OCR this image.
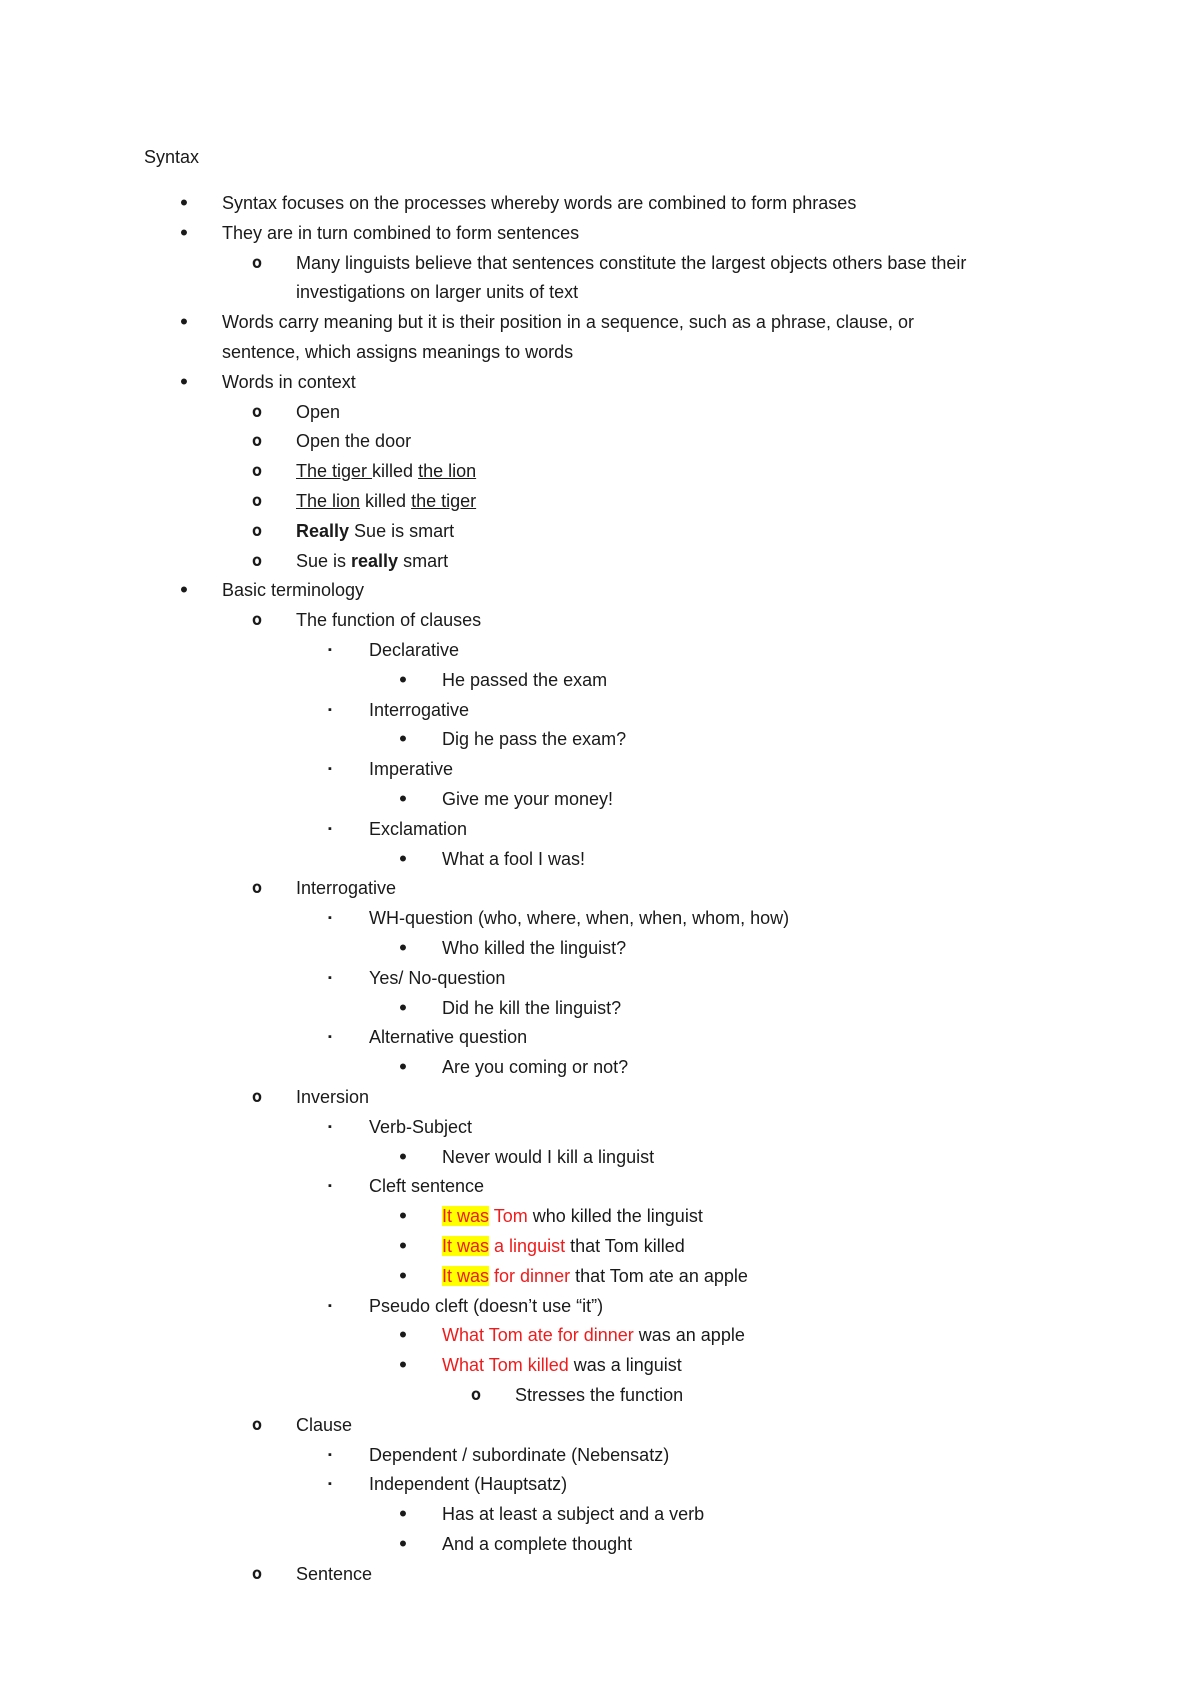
Syntax
• Syntax focuses on the processes whereby words are combined to form phrases
• They are in turn combined to form sentences
o Many linguists believe that sentences constitute the largest objects others base their
investigations on larger units of text
• Words carry meaning but it is their position in a sequence, such as a phrase, clause, or
sentence, which assigns meanings to words
• Words in context
o Open
o Open the door
o The tiger killed the lion
o The lion killed the tiger
o Really Sue is smart
o Sue is really smart
• Basic terminology
o The function of clauses
▪ Declarative
• He passed the exam
▪ Interrogative
• Dig he pass the exam?
▪ Imperative
• Give me your money!
▪ Exclamation
• What a fool I was!
o Interrogative
▪ WH-question (who, where, when, when, whom, how)
• Who killed the linguist?
▪ Yes/ No-question
• Did he kill the linguist?
▪ Alternative question
• Are you coming or not?
o Inversion
▪ Verb-Subject
• Never would I kill a linguist
▪ Cleft sentence
• It was Tom who killed the linguist
• It was a linguist that Tom killed
• It was for dinner that Tom ate an apple
▪ Pseudo cleft (doesn’t use “it”)
• What Tom ate for dinner was an apple
• What Tom killed was a linguist
o Stresses the function
o Clause
▪ Dependent / subordinate (Nebensatz)
▪ Independent (Hauptsatz)
• Has at least a subject and a verb
• And a complete thought
o Sentence
